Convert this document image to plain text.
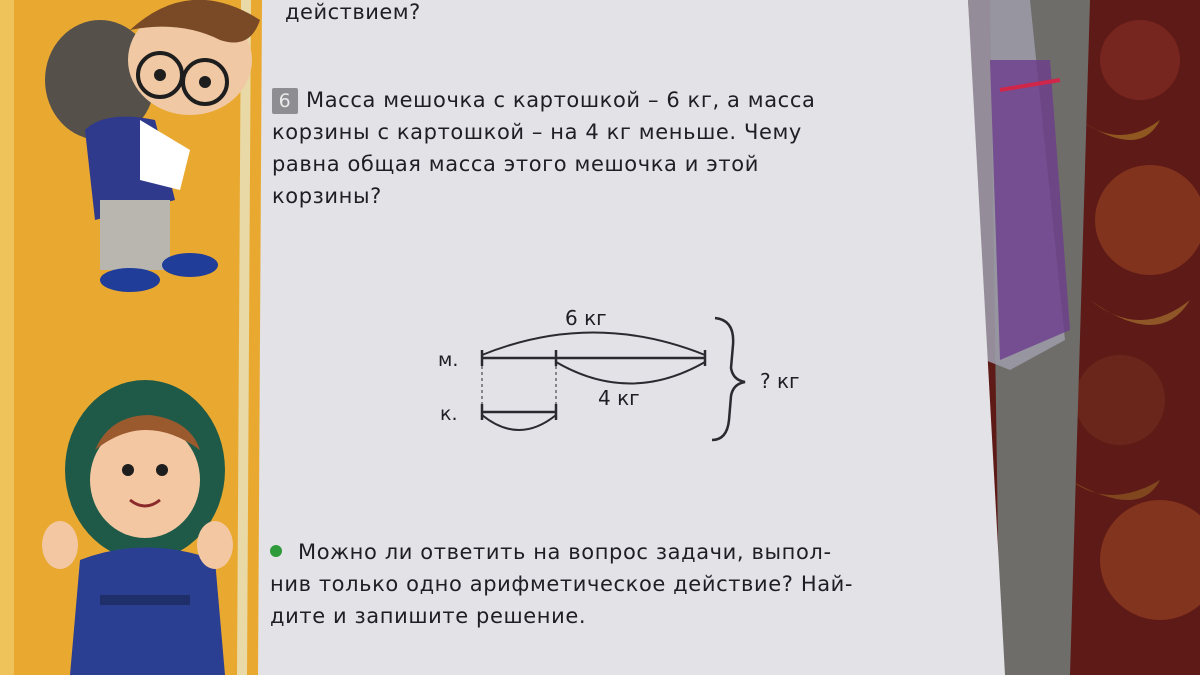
м.
к.
6 кг
4 кг
? кг
действием?
6 Масса мешочка с картошкой – 6 кг, а масса
корзины с картошкой – на 4 кг меньше. Чему
равна общая масса этого мешочка и этой
корзины?
Можно ли ответить на вопрос задачи, выпол-
нив только одно арифметическое действие? Най-
дите и запишите решение.
